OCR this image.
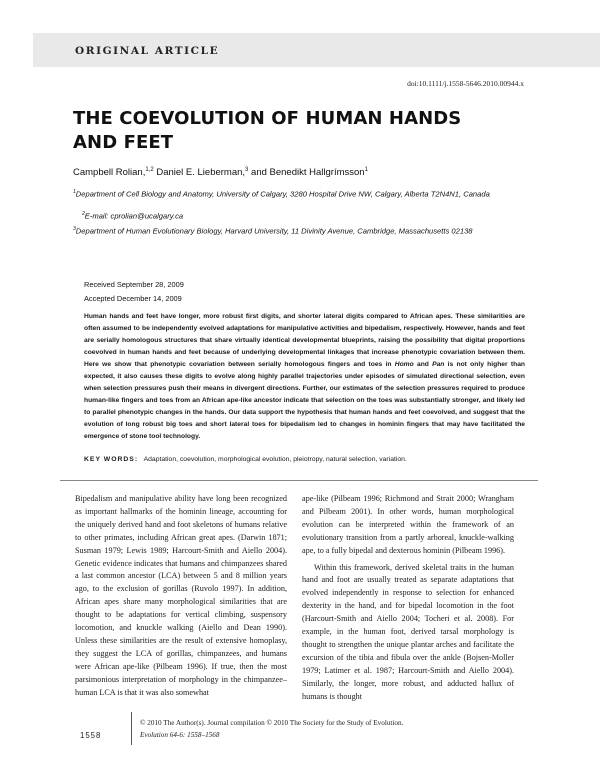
ORIGINAL ARTICLE
doi:10.1111/j.1558-5646.2010.00944.x
THE COEVOLUTION OF HUMAN HANDS AND FEET
Campbell Rolian,$^{1,2}$ Daniel E. Lieberman,$^3$ and Benedikt Hallgrímsson$^1$
$^1$Department of Cell Biology and Anatomy, University of Calgary, 3280 Hospital Drive NW, Calgary, Alberta T2N4N1, Canada
$^2$E-mail: cprolian@ucalgary.ca
$^3$Department of Human Evolutionary Biology, Harvard University, 11 Divinity Avenue, Cambridge, Massachusetts 02138
Received September 28, 2009
Accepted December 14, 2009

Human hands and feet have longer, more robust first digits, and shorter lateral digits compared to African apes. These similarities are often assumed to be independently evolved adaptations for manipulative activities and bipedalism, respectively. However, hands and feet are serially homologous structures that share virtually identical developmental blueprints, raising the possibility that digital proportions coevolved in human hands and feet because of underlying developmental linkages that increase phenotypic covariation between them. Here we show that phenotypic covariation between serially homologous fingers and toes in Homo and Pan is not only higher than expected, it also causes these digits to evolve along highly parallel trajectories under episodes of simulated directional selection, even when selection pressures push their means in divergent directions. Further, our estimates of the selection pressures required to produce human-like fingers and toes from an African ape-like ancestor indicate that selection on the toes was substantially stronger, and likely led to parallel phenotypic changes in the hands. Our data support the hypothesis that human hands and feet coevolved, and suggest that the evolution of long robust big toes and short lateral toes for bipedalism led to changes in hominin fingers that may have facilitated the emergence of stone tool technology.

KEY WORDS: Adaptation, coevolution, morphological evolution, pleiotropy, natural selection, variation.

Bipedalism and manipulative ability have long been recognized as important hallmarks of the hominin lineage, accounting for the uniquely derived hand and foot skeletons of humans relative to other primates, including African great apes. (Darwin 1871; Susman 1979; Lewis 1989; Harcourt-Smith and Aiello 2004). Genetic evidence indicates that humans and chimpanzees shared a last common ancestor (LCA) between 5 and 8 million years ago, to the exclusion of gorillas (Ruvolo 1997). In addition, African apes share many morphological similarities that are thought to be adaptations for vertical climbing, suspensory locomotion, and knuckle walking (Aiello and Dean 1990). Unless these similarities are the result of extensive homoplasy, they suggest the LCA of gorillas, chimpanzees, and humans were African ape-like (Pilbeam 1996). If true, then the most parsimonious interpretation of morphology in the chimpanzee–human LCA is that it was also somewhat

ape-like (Pilbeam 1996; Richmond and Strait 2000; Wrangham and Pilbeam 2001). In other words, human morphological evolution can be interpreted within the framework of an evolutionary transition from a partly arboreal, knuckle-walking ape, to a fully bipedal and dexterous hominin (Pilbeam 1996).
Within this framework, derived skeletal traits in the human hand and foot are usually treated as separate adaptations that evolved independently in response to selection for enhanced dexterity in the hand, and for bipedal locomotion in the foot (Harcourt-Smith and Aiello 2004; Tocheri et al. 2008). For example, in the human foot, derived tarsal morphology is thought to strengthen the unique plantar arches and facilitate the excursion of the tibia and fibula over the ankle (Bojsen-Moller 1979; Latimer et al. 1987; Harcourt-Smith and Aiello 2004). Similarly, the longer, more robust, and adducted hallux of humans is thought

1558
© 2010 The Author(s). Journal compilation © 2010 The Society for the Study of Evolution.
Evolution 64-6: 1558–1568
